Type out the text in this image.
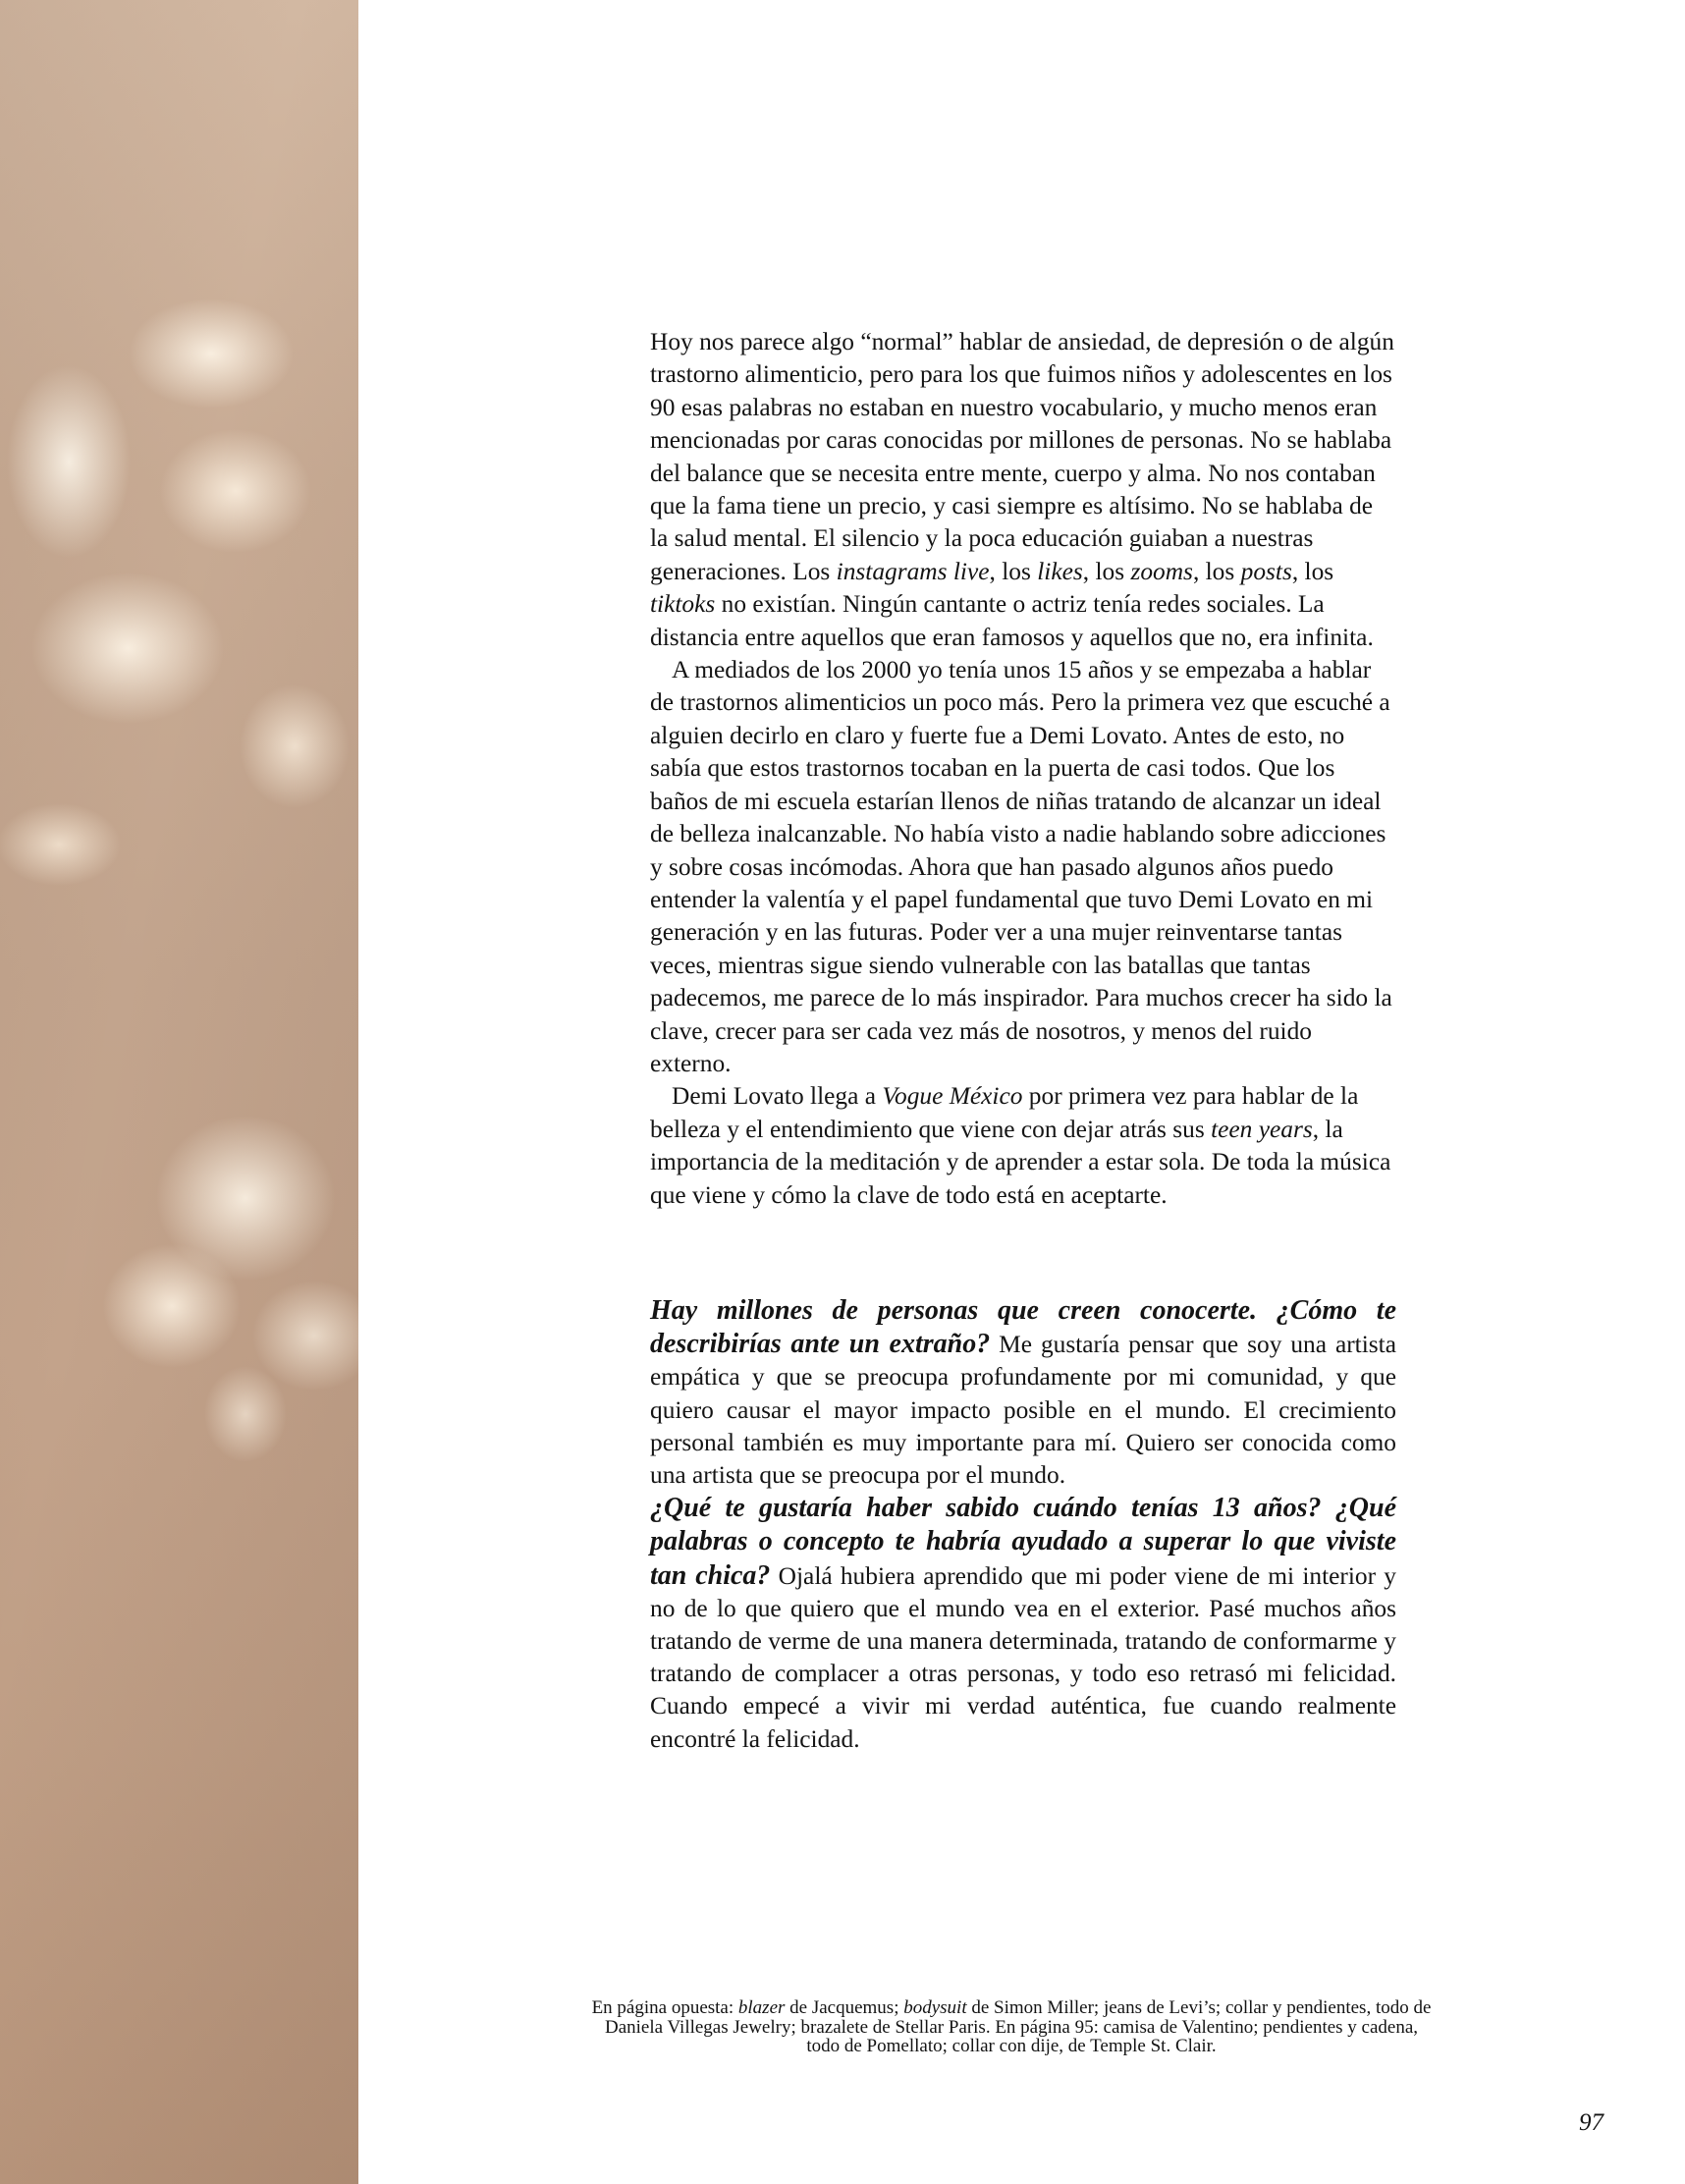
Hoy nos parece algo “normal” hablar de ansiedad, de depresión o de algún trastorno alimenticio, pero para los que fuimos niños y adolescentes en los 90 esas palabras no estaban en nuestro vocabulario, y mucho menos eran mencionadas por caras conocidas por millones de personas. No se hablaba del balance que se necesita entre mente, cuerpo y alma. No nos contaban que la fama tiene un precio, y casi siempre es altísimo. No se hablaba de la salud mental. El silencio y la poca educación guiaban a nuestras generaciones. Los instagrams live, los likes, los zooms, los posts, los tiktoks no existían. Ningún cantante o actriz tenía redes sociales. La distancia entre aquellos que eran famosos y aquellos que no, era infinita.

A mediados de los 2000 yo tenía unos 15 años y se empezaba a hablar de trastornos alimenticios un poco más. Pero la primera vez que escuché a alguien decirlo en claro y fuerte fue a Demi Lovato. Antes de esto, no sabía que estos trastornos tocaban en la puerta de casi todos. Que los baños de mi escuela estarían llenos de niñas tratando de alcanzar un ideal de belleza inalcanzable. No había visto a nadie hablando sobre adicciones y sobre cosas incómodas. Ahora que han pasado algunos años puedo entender la valentía y el papel fundamental que tuvo Demi Lovato en mi generación y en las futuras. Poder ver a una mujer reinventarse tantas veces, mientras sigue siendo vulnerable con las batallas que tantas padecemos, me parece de lo más inspirador. Para muchos crecer ha sido la clave, crecer para ser cada vez más de nosotros, y menos del ruido externo.

Demi Lovato llega a Vogue México por primera vez para hablar de la belleza y el entendimiento que viene con dejar atrás sus teen years, la importancia de la meditación y de aprender a estar sola. De toda la música que viene y cómo la clave de todo está en aceptarte.

Hay millones de personas que creen conocerte. ¿Cómo te describirías ante un extraño? Me gustaría pensar que soy una artista empática y que se preocupa profundamente por mi comunidad, y que quiero causar el mayor impacto posible en el mundo. El crecimiento personal también es muy importante para mí. Quiero ser conocida como una artista que se preocupa por el mundo.

¿Qué te gustaría haber sabido cuándo tenías 13 años? ¿Qué palabras o concepto te habría ayudado a superar lo que viviste tan chica? Ojalá hubiera aprendido que mi poder viene de mi interior y no de lo que quiero que el mundo vea en el exterior. Pasé muchos años tratando de verme de una manera determinada, tratando de conformarme y tratando de complacer a otras personas, y todo eso retrasó mi felicidad. Cuando empecé a vivir mi verdad auténtica, fue cuando realmente encontré la felicidad.

En página opuesta: blazer de Jacquemus; bodysuit de Simon Miller; jeans de Levi’s; collar y pendientes, todo de Daniela Villegas Jewelry; brazalete de Stellar Paris. En página 95: camisa de Valentino; pendientes y cadena, todo de Pomellato; collar con dije, de Temple St. Clair.
97
